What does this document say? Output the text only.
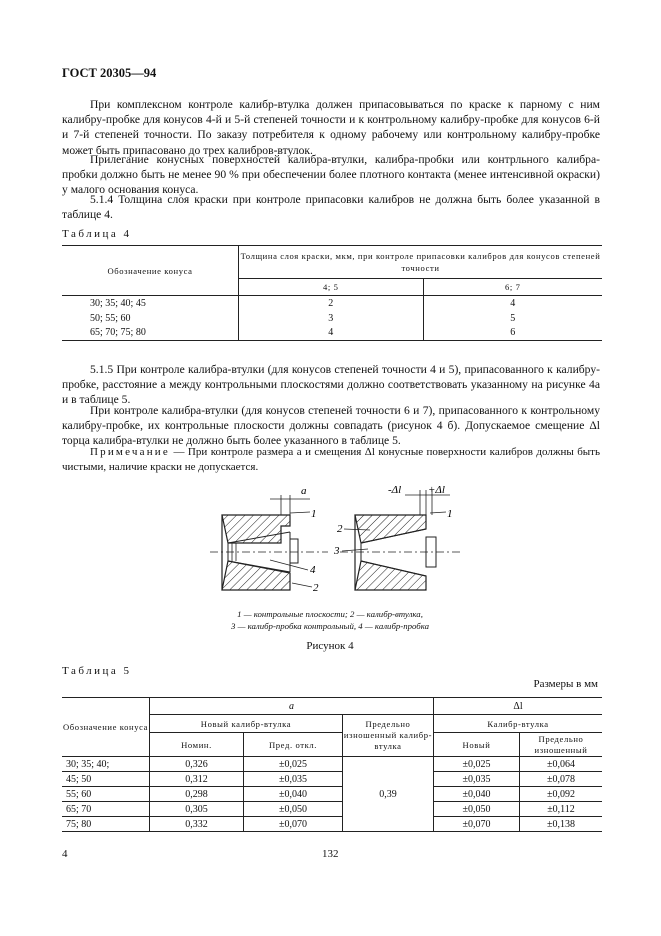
ГОСТ 20305—94
При комплексном контроле калибр-втулка должен припасовываться по краске к парному с ним калибру-пробке для конусов 4-й и 5-й степеней точности и к контрольному калибру-пробке для конусов 6-й и 7-й степеней точности. По заказу потребителя к одному рабочему или контрольному калибру-пробке может быть припасовано до трех калибров-втулок.
Прилегание конусных поверхностей калибра-втулки, калибра-пробки или контрльного калибра-пробки должно быть не менее 90 % при обеспечении более плотного контакта (менее интенсивной окраски) у малого основания конуса.
5.1.4 Толщина слоя краски при контроле припасовки калибров не должна быть более указанной в таблице 4.
Таблица 4
Обозначение конуса	Толщина слоя краски, мкм, при контроле припасовки калибров для конусов степеней точности	
	4; 5	6; 7
30; 35; 40; 45	2	4
50; 55; 60	3	5
65; 70; 75; 80	4	6
5.1.5 При контроле калибра-втулки (для конусов степеней точности 4 и 5), припасованного к калибру-пробке, расстояние a между контрольными плоскостями должно соответствовать указанному на рисунке 4а и в таблице 5.
При контроле калибра-втулки (для конусов степеней точности 6 и 7), припасованного к контрольному калибру-пробке, их контрольные плоскости должны совпадать (рисунок 4 б). Допускаемое смещение Δl торца калибра-втулки не должно быть более указанного в таблице 5.
Примечание — При контроле размера a и смещения Δl конусные поверхности калибров должны быть чистыми, наличие краски не допускается.
a
1
4
2
-Δl +Δl
2
3
1
1 — контрольные плоскости; 2 — калибр-втулка,
3 — калибр-пробка контрольный, 4 — калибр-пробка
Рисунок 4
Таблица 5
Размеры в мм
Обозначение конуса	a			Δl	
	Новый калибр-втулка		Предельно изношенный калибр-втулка	Калибр-втулка	
	Номин.	Пред. откл.		Новый	Предельно изношенный
30; 35; 40;	0,326	±0,025	0,39	±0,025	±0,064
45; 50	0,312	±0,035		±0,035	±0,078
55; 60	0,298	±0,040		±0,040	±0,092
65; 70	0,305	±0,050		±0,050	±0,112
75; 80	0,332	±0,070		±0,070	±0,138
4	132
